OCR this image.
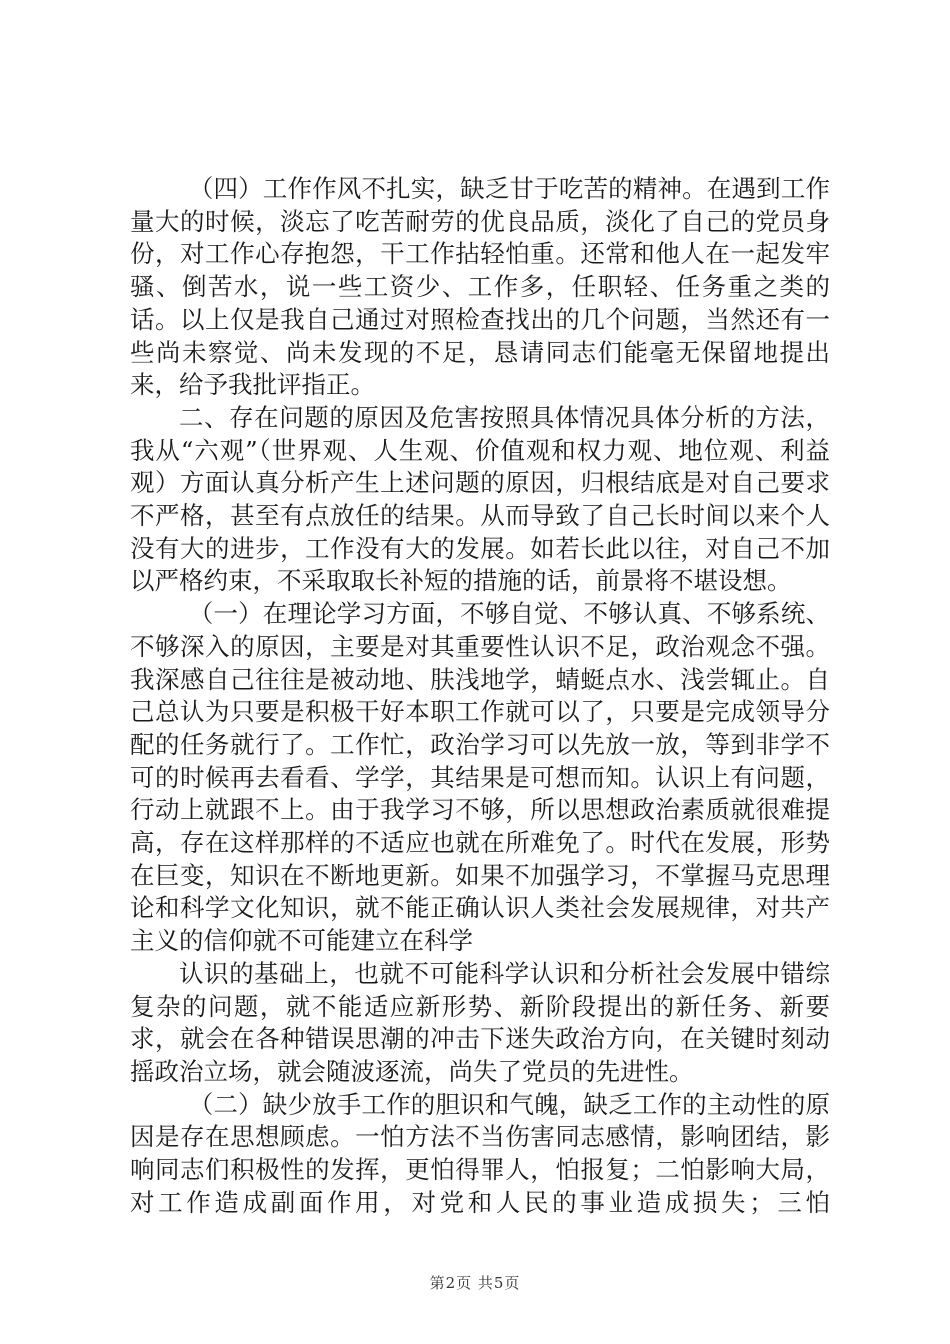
（四）工作作风不扎实，缺乏甘于吃苦的精神。在遇到工作量大的时候，淡忘了吃苦耐劳的优良品质，淡化了自己的党员身份，对工作心存抱怨，干工作拈轻怕重。还常和他人在一起发牢骚、倒苦水，说一些工资少、工作多，任职轻、任务重之类的话。以上仅是我自己通过对照检查找出的几个问题，当然还有一些尚未察觉、尚未发现的不足，恳请同志们能毫无保留地提出来，给予我批评指正。

二、存在问题的原因及危害按照具体情况具体分析的方法，我从“六观”（世界观、人生观、价值观和权力观、地位观、利益观）方面认真分析产生上述问题的原因，归根结底是对自己要求不严格，甚至有点放任的结果。从而导致了自己长时间以来个人没有大的进步，工作没有大的发展。如若长此以往，对自己不加以严格约束，不采取取长补短的措施的话，前景将不堪设想。

（一）在理论学习方面，不够自觉、不够认真、不够系统、不够深入的原因，主要是对其重要性认识不足，政治观念不强。我深感自己往往是被动地、肤浅地学，蜻蜓点水、浅尝辄止。自己总认为只要是积极干好本职工作就可以了，只要是完成领导分配的任务就行了。工作忙，政治学习可以先放一放，等到非学不可的时候再去看看、学学，其结果是可想而知。认识上有问题，行动上就跟不上。由于我学习不够，所以思想政治素质就很难提高，存在这样那样的不适应也就在所难免了。时代在发展，形势在巨变，知识在不断地更新。如果不加强学习，不掌握马克思理论和科学文化知识，就不能正确认识人类社会发展规律，对共产主义的信仰就不可能建立在科学

认识的基础上，也就不可能科学认识和分析社会发展中错综复杂的问题，就不能适应新形势、新阶段提出的新任务、新要求，就会在各种错误思潮的冲击下迷失政治方向，在关键时刻动摇政治立场，就会随波逐流，尚失了党员的先进性。

（二）缺少放手工作的胆识和气魄，缺乏工作的主动性的原因是存在思想顾虑。一怕方法不当伤害同志感情，影响团结，影响同志们积极性的发挥，更怕得罪人，怕报复；二怕影响大局，对工作造成副面作用，对党和人民的事业造成损失；三怕

第2页 共5页
